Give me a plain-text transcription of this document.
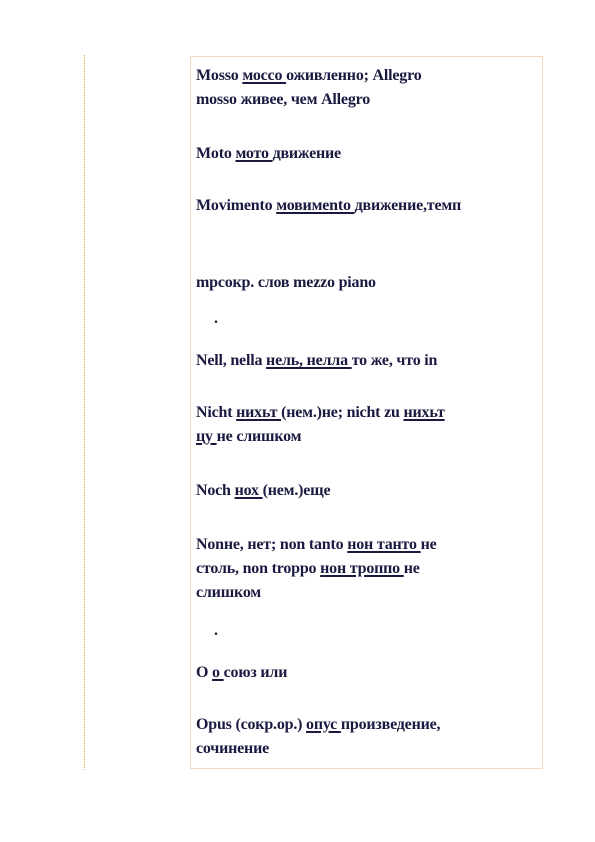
Mosso мосcо оживленно; Allegro
mosso живее, чем Allegro
Moto мото движение
Movimento мовимento движение,темп
mpсокр. слов mezzo piano
.
Nell, nella нель, нелла то же, что in
Nicht нихьт (нем.)не; nicht zu нихьт
цу не слишком
Noch нох (нем.)еще
Nonне, нет; non tanto нон танто не
столь, non troppo нон троппо не
слишком
.
O о союз или
Opus (сокр.ор.) опус произведение,
сочинение
